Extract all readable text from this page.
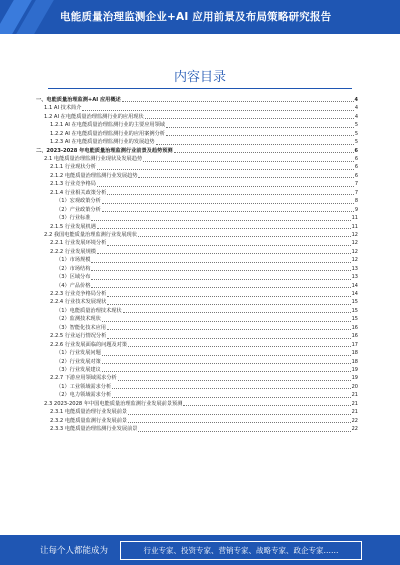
电能质量治理监测企业+AI 应用前景及布局策略研究报告
内容目录
一、电能质量治理监测+AI 应用概述	4
1.1 AI 技术简介	4
1.2 AI 在电能质量治理监测行业的应用现状	4
1.2.1 AI 在电能质量治理监测行业的主要应用领域	5
1.2.2 AI 在电能质量治理监测行业的应用案例分析	5
1.2.3 AI 在电能质量治理监测行业的发展趋势	5
二、2023-2028 年电能质量治理监测行业前景及趋势预测	6
2.1 电能质量治理监测行业现状及发展趋势	6
2.1.1 行业现状分析	6
2.1.2 电能质量治理监测行业发展趋势	6
2.1.3 行业竞争格局	7
2.1.4 行业相关政策分析	7
（1）宏观政策分析	8
（2）产业政策分析	9
（3）行业标准	11
2.1.5 行业发展机遇	11
2.2 我国电能质量治理监测行业发展现状	12
2.2.1 行业发展环境分析	12
2.2.2 行业发展规模	12
（1）市场规模	12
（2）市场结构	13
（3）区域分布	13
（4）产品价格	14
2.2.3 行业竞争格局分析	14
2.2.4 行业技术发展现状	15
（1）电能质量治理技术现状	15
（2）监测技术现状	15
（3）智能化技术应用	16
2.2.5 行业运行情况分析	16
2.2.6 行业发展面临的问题及对策	17
（1）行业发展问题	18
（2）行业发展对策	18
（3）行业发展建议	19
2.2.7 下游应用领域需求分析	19
（1）工业领域需求分析	20
（2）电力领域需求分析	21
2.3 2023-2028 年中国电能质量治理监测行业发展前景预测	21
2.3.1 电能质量治理行业发展前景	21
2.3.2 电能质量监测行业发展前景	22
2.3.3 电能质量治理监测行业发展前景	22
让每个人都能成为	行业专家、投资专家、营销专家、战略专家、政企专家……
